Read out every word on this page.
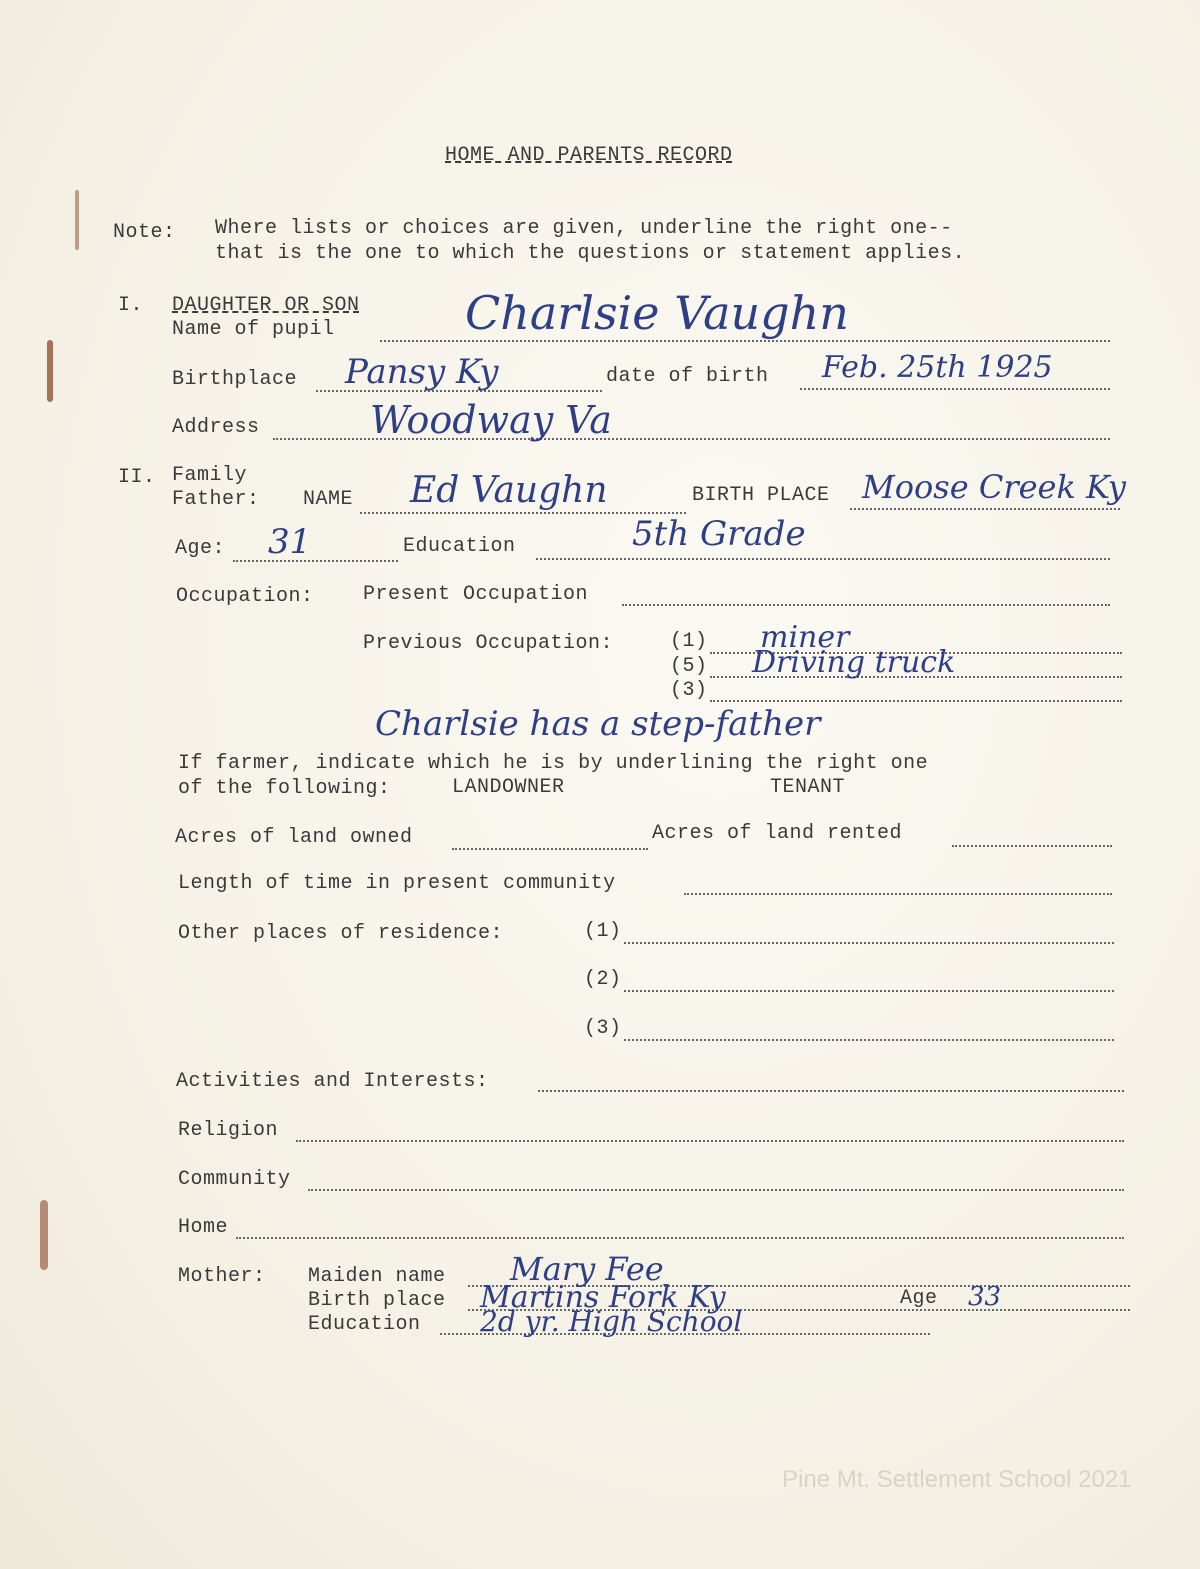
HOME AND PARENTS RECORD
Note: Where lists or choices are given, underline the right one--
that is the one to which the questions or statement applies.
I. DAUGHTER OR SON
Name of pupil	Charlsie Vaughn
Birthplace Pansy Ky	date of birth Feb. 25th 1925
Address	Woodway Va
II. Family
Father: NAME Ed Vaughn	BIRTH PLACE Moose Creek Ky
Age: 31	Education	5th Grade
Occupation: Present Occupation
Previous Occupation:	(1) miner
(5) Driving truck
(3)
Charlsie has a step-father
If farmer, indicate which he is by underlining the right one
of the following:	LANDOWNER	TENANT
Acres of land owned	Acres of land rented
Length of time in present community
Other places of residence:	(1)
(2)
(3)
Activities and Interests:
Religion
Community
Home
Mother: Maiden name Mary Fee
Birth place Martins Fork Ky	Age 33
Education 2d yr. High School
Pine Mt. Settlement School 2021
